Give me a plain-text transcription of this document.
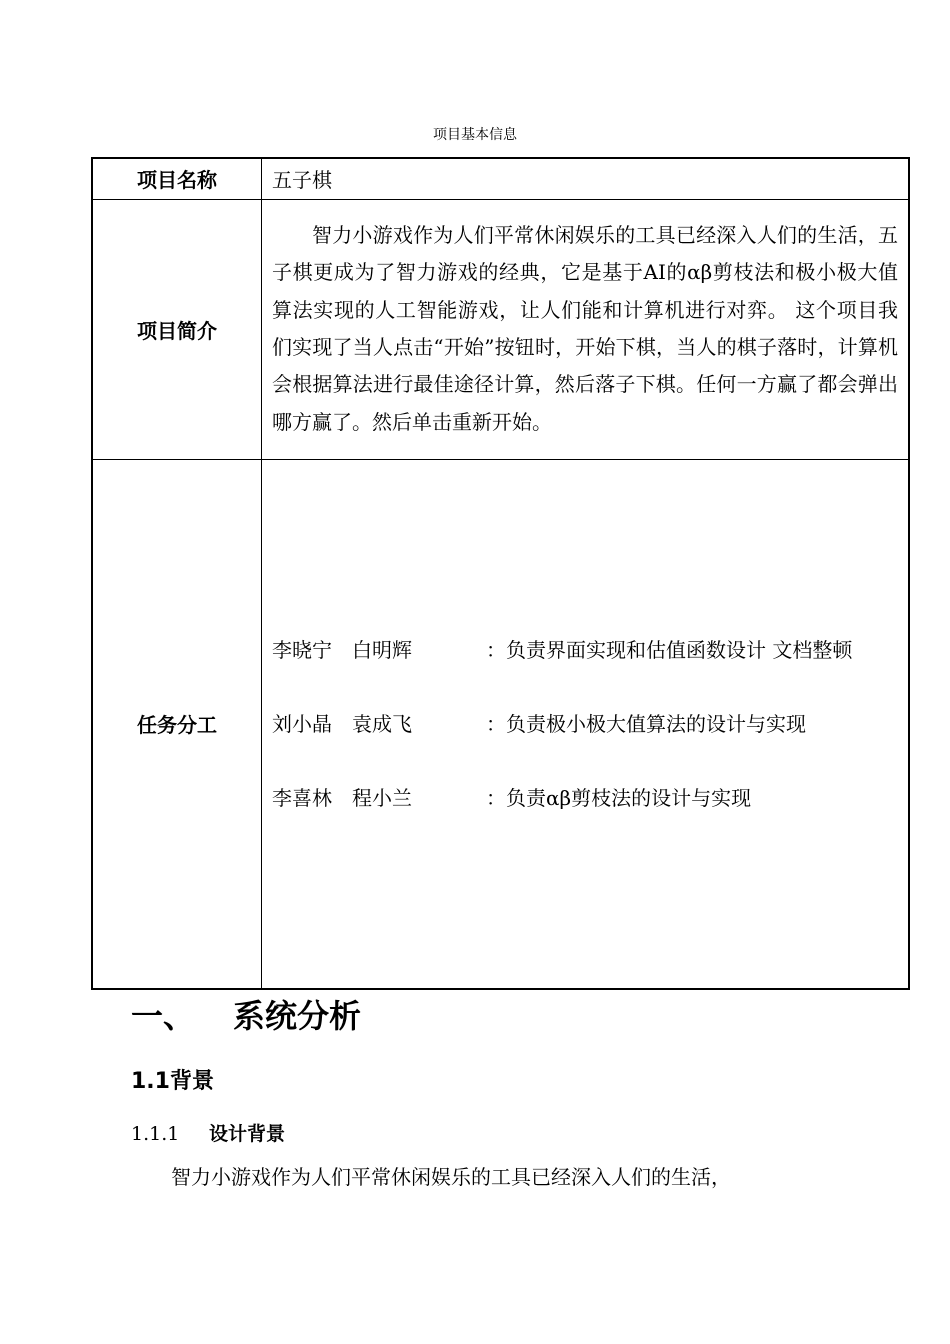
项目基本信息
项目名称	五子棋
项目简介	智力小游戏作为人们平常休闲娱乐的工具已经深入人们的生活，五子棋更成为了智力游戏的经典，它是基于AI的αβ剪枝法和极小极大值算法实现的人工智能游戏，让人们能和计算机进行对弈。 这个项目我们实现了当人点击“开始”按钮时，开始下棋，当人的棋子落时，计算机会根据算法进行最佳途径计算，然后落子下棋。任何一方赢了都会弹出哪方赢了。然后单击重新开始。

任务分工	李晓宁　白明辉 ：负责界面实现和估值函数设计 文档整顿

刘小晶　袁成飞 ：负责极小极大值算法的设计与实现

李喜林　程小兰 ：负责αβ剪枝法的设计与实现

一、 系统分析
1.1背景
1.1.1 设计背景
智力小游戏作为人们平常休闲娱乐的工具已经深入人们的生活，
